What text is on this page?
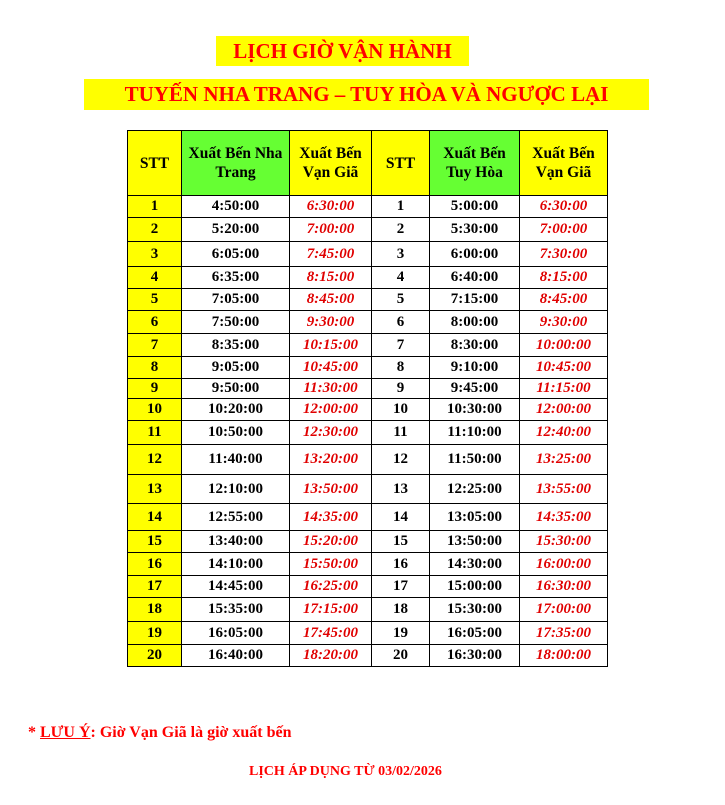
LỊCH GIỜ VẬN HÀNH
TUYẾN NHA TRANG – TUY HÒA VÀ NGƯỢC LẠI
STT	Xuất Bến Nha Trang	Xuất Bến Vạn Giã	STT	Xuất Bến Tuy Hòa	Xuất Bến Vạn Giã
1	4:50:00	6:30:00	1	5:00:00	6:30:00
2	5:20:00	7:00:00	2	5:30:00	7:00:00
3	6:05:00	7:45:00	3	6:00:00	7:30:00
4	6:35:00	8:15:00	4	6:40:00	8:15:00
5	7:05:00	8:45:00	5	7:15:00	8:45:00
6	7:50:00	9:30:00	6	8:00:00	9:30:00
7	8:35:00	10:15:00	7	8:30:00	10:00:00
8	9:05:00	10:45:00	8	9:10:00	10:45:00
9	9:50:00	11:30:00	9	9:45:00	11:15:00
10	10:20:00	12:00:00	10	10:30:00	12:00:00
11	10:50:00	12:30:00	11	11:10:00	12:40:00
12	11:40:00	13:20:00	12	11:50:00	13:25:00
13	12:10:00	13:50:00	13	12:25:00	13:55:00
14	12:55:00	14:35:00	14	13:05:00	14:35:00
15	13:40:00	15:20:00	15	13:50:00	15:30:00
16	14:10:00	15:50:00	16	14:30:00	16:00:00
17	14:45:00	16:25:00	17	15:00:00	16:30:00
18	15:35:00	17:15:00	18	15:30:00	17:00:00
19	16:05:00	17:45:00	19	16:05:00	17:35:00
20	16:40:00	18:20:00	20	16:30:00	18:00:00
* LƯU Ý: Giờ Vạn Giã là giờ xuất bến
LỊCH ÁP DỤNG TỪ 03/02/2026
